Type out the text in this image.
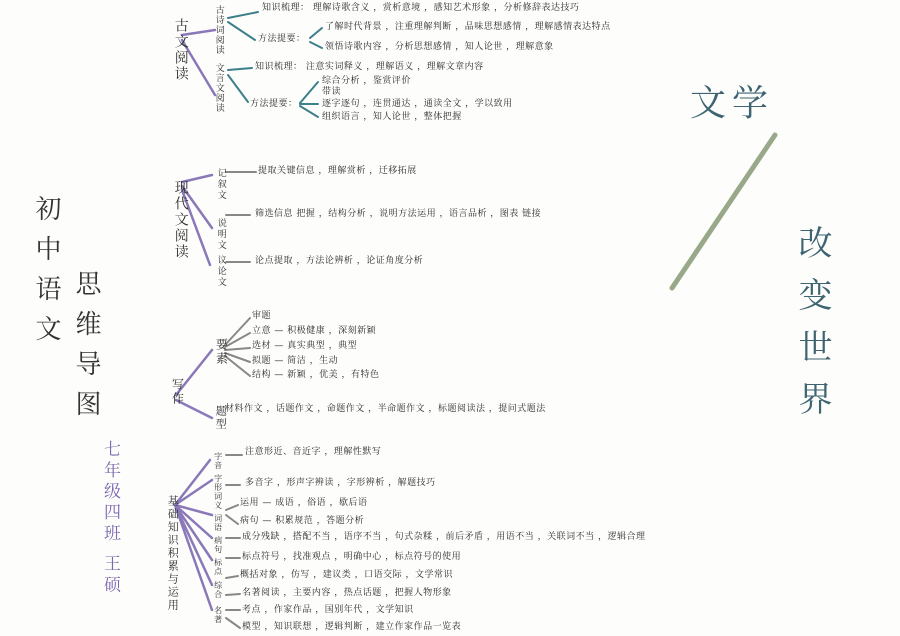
初中语文 思维导图
七年级四班 王硕
文学
改变世界
古文阅读	古诗词阅读
文言文阅读
知识梳理： 理解诗歌含义 ，赏析意境 ，感知艺术形象 ，分析修辞表达技巧
方法提要：
了解时代背景 ，注重理解判断 ，品味思想感情 ，理解感情表达特点
领悟诗歌内容 ，分析思想感情 ，知人论世 ，理解意象
知识梳理： 注意实词释义 ，理解语义 ，理解文章内容
综合分析 ，鉴赏评价
带读
方法提要：	逐字逐句 ，连贯通达 ，通读全文 ，学以致用
组织语言 ，知人论世 ，整体把握
现代文阅读	记叙文
说明文
议论文
提取关键信息 ，理解赏析 ，迁移拓展
筛选信息 把握 ，结构分析 ，说明方法运用 ，语言品析 ，图表 链接
论点提取 ，方法论辨析 ，论证角度分析
写作
要素
题型
审题
立意 — 积极健康 ，深刻新颖
选材 — 真实典型 ，典型
拟题 — 简洁 ，生动
结构 — 新颖 ，优美 ，有特色
材料作文 ，话题作文 ，命题作文 ，半命题作文 ，标题阅读法 ，提问式题法
基础知识积累与运用
字音
字形词义
词语
病句
标点
综合
名著
注意形近、音近字 ，理解性默写
多音字 ，形声字辨读 ，字形辨析 ，解题技巧
运用 — 成语 ，俗语 ，歇后语
病句 — 积累规范 ，答题分析
成分残缺 ，搭配不当 ，语序不当 ，句式杂糅 ，前后矛盾 ，用语不当 ，关联词不当 ，逻辑合理
标点符号 ，找准观点 ，明确中心 ，标点符号的使用
概括对象 ，仿写 ，建议类 ，口语交际 ，文学常识
名著阅读 ，主要内容 ，热点话题 ，把握人物形象
考点 ，作家作品 ，国别年代 ，文学知识
模型 ，知识联想 ，逻辑判断 ，建立作家作品一览表
